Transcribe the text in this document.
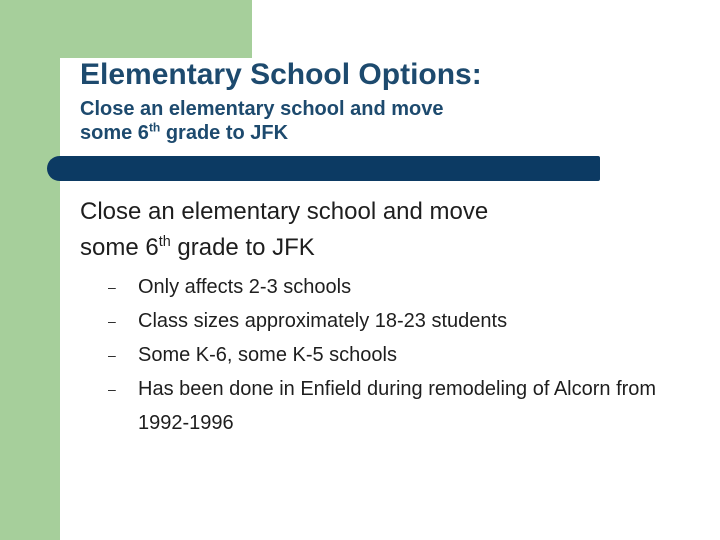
Elementary School Options:
Close an elementary school and move
some 6th grade to JFK
Close an elementary school and move
some 6th grade to JFK
– Only affects 2-3 schools
– Class sizes approximately 18-23 students
– Some K-6, some K-5 schools
– Has been done in Enfield during remodeling of Alcorn from 1992-1996
